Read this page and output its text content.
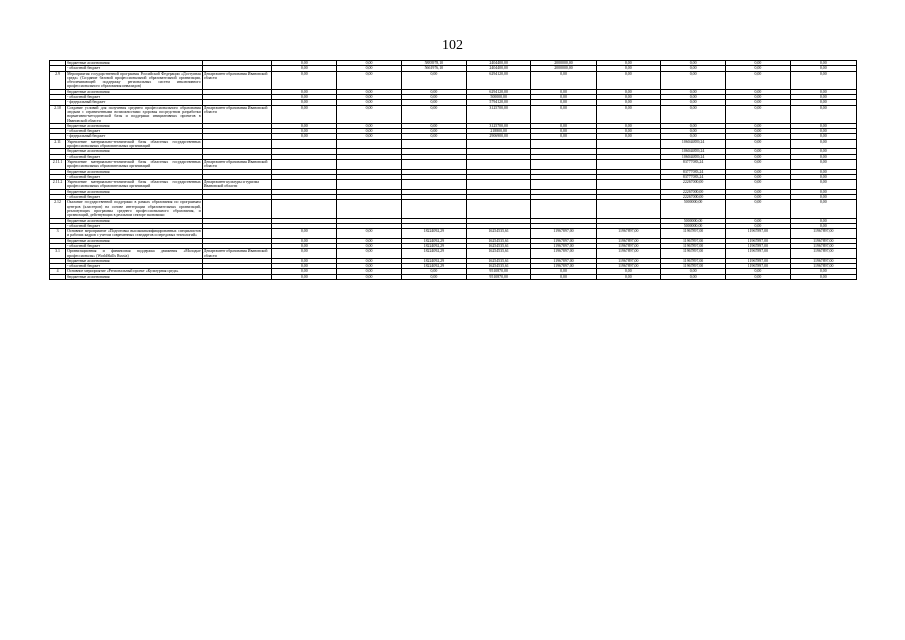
102
	бюджетные ассигнования		0,00	0,00	5883978,10	2404400,00	2000000,00	0,00	0,00	0,00	0,00
	- областной бюджет		0,00	0,00	5661976,10	2404400,00	2000000,00	0,00	0,00	0,00	0,00
2.9	Мероприятия государственной программы Российской Федерации «Доступная среда» (Создание базовой профессиональной образовательной организации, обеспечивающей поддержку региональных систем инклюзивного профессионального образования инвалидов)	Департамент образования Ивановской области	0,00	0,00	0,00	6294120,00	0,00	0,00	0,00	0,00	0,00
	бюджетные ассигнования		0,00	0,00	0,00	6294120,00	0,00	0,00	0,00	0,00	0,00
	- областной бюджет		0,00	0,00	0,00	500000,00	0,00	0,00	0,00	0,00	0,00
	- федеральный бюджет		0,00	0,00	0,00	5794120,00	0,00	0,00	0,00	0,00	0,00
2.10	Создание условий для получения среднего профессионального образования людьми с ограниченными возможностями здоровья посредством разработки нормативно-методической базы и поддержки инициативных проектов в Ивановской области	Департамент образования Ивановской области	0,00	0,00	0,00	3125700,00	0,00	0,00	0,00	0,00	0,00
	бюджетные ассигнования		0,00	0,00	0,00	3125700,00	0,00	0,00	0,00	0,00	0,00
	- областной бюджет		0,00	0,00	0,00	218800,00	0,00	0,00	0,00	0,00	0,00
	- федеральный бюджет		0,00	0,00	0,00	2906900,00	0,00	0,00	0,00	0,00	0,00
2.11	Укрепление материально-технической базы областных государственных профессиональных образовательных организаций								106044839,24	0,00	0,00
	бюджетные ассигнования								106044839,24	0,00	0,00
	- областной бюджет								106044839,24	0,00	0,00
2.11.1	Укрепление материально-технической базы областных государственных профессиональных образовательных организаций	Департамент образования Ивановской области							83777083,24	0,00	0,00
	бюджетные ассигнования								83777083,24	0,00	0,00
	- областной бюджет								83777083,24	0,00	0,00
2.11.2	Укрепление материально-технической базы областных государственных профессиональных образовательных организаций	Департамент культуры и туризма Ивановской области							22267000,00	0,00	0,00
	бюджетные ассигнования								22267000,00	0,00	0,00
	- областной бюджет								22267000,00	0,00	0,00
2.12	Оказание государственной поддержки в рамках образования по программам центров (кластеров) на основе интеграции образовательных организаций, реализующих программы среднего профессионального образования, и организаций, действующих в реальном секторе экономики								5000000,00	0,00	0,00
	бюджетные ассигнования								5000000,00	0,00	0,00
	- областной бюджет								5000000,00	0,00	0,00
3	Основное мероприятие «Подготовка высококвалифицированных специалистов и рабочих кадров с учетом современных стандартов и передовых технологий»		0,00	0,00	18224092,29	16254535,61	11967897,00	11967897,00	11967897,00	11967897,00	11967897,00
	бюджетные ассигнования		0,00	0,00	18224092,29	16254535,61	11967897,00	11967897,00	11967897,00	11967897,00	11967897,00
	- областной бюджет		0,00	0,00	18224092,29	16254535,61	11967897,00	11967897,00	11967897,00	11967897,00	11967897,00
3.1	Организационная и финансовая поддержка движения «Молодые профессионалы» (WorldSkills Russia)	Департамент образования Ивановской области	0,00	0,00	18224092,29	16254535,61	11967897,00	11967897,00	11967897,00	11967897,00	11967897,00
	бюджетные ассигнования		0,00	0,00	18224092,29	16254535,61	11967897,00	11967897,00	11967897,00	11967897,00	11967897,00
	- областной бюджет		0,00	0,00	18224092,29	16254535,61	11967897,00	11967897,00	11967897,00	11967897,00	11967897,00
4	Основное мероприятие «Региональный проект «Культурная среда»		0,00	0,00	0,00	9510870,00	0,00	0,00	0,00	0,00	0,00
	бюджетные ассигнования		0,00	0,00	0,00	9510870,00	0,00	0,00	0,00	0,00	0,00
